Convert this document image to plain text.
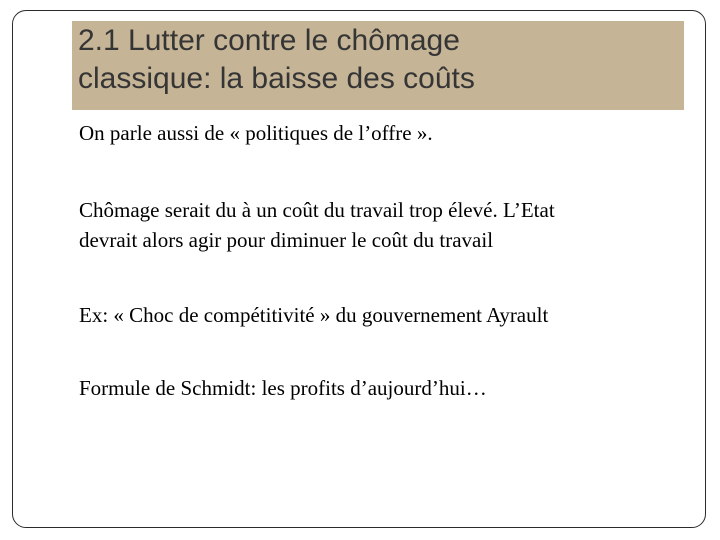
2.1 Lutter contre le chômage
classique: la baisse des coûts

On parle aussi de « politiques de l’offre ».

Chômage serait du à un coût du travail trop élevé. L’Etat
devrait alors agir pour diminuer le coût du travail

Ex: « Choc de compétitivité » du gouvernement Ayrault

Formule de Schmidt: les profits d’aujourd’hui…
